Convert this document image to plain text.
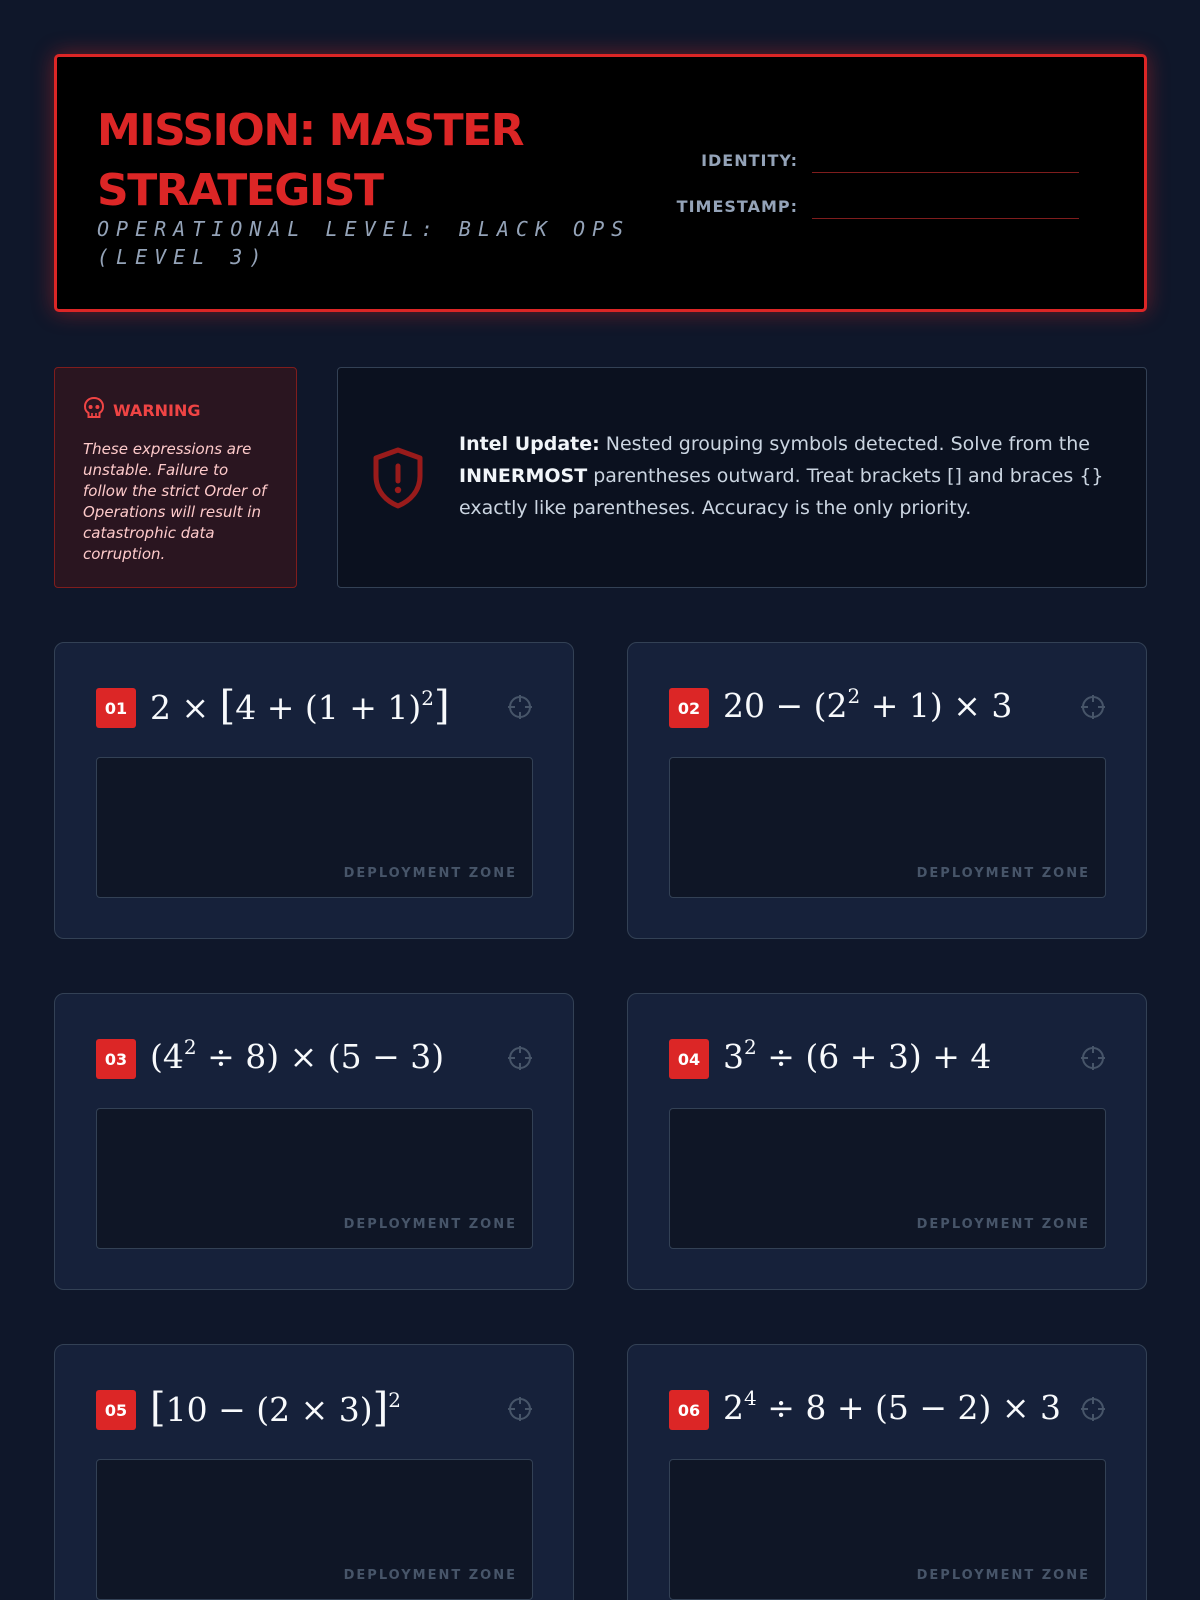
MISSION: MASTER STRATEGIST
OPERATIONAL LEVEL: BLACK OPS (LEVEL 3)
IDENTITY:
TIMESTAMP:
WARNING
These expressions are unstable. Failure to follow the strict Order of Operations will result in catastrophic data corruption.
Intel Update: Nested grouping symbols detected. Solve from the INNERMOST parentheses outward. Treat brackets [] and braces {} exactly like parentheses. Accuracy is the only priority.
01 $2 \times [4 + (1 + 1)^2]$
DEPLOYMENT ZONE
02 $20 - (2^2 + 1) \times 3$
DEPLOYMENT ZONE
03 $(4^2 \div 8) \times (5 - 3)$
DEPLOYMENT ZONE
04 $3^2 \div (6 + 3) + 4$
DEPLOYMENT ZONE
05 $[10 - (2 \times 3)]^2$
DEPLOYMENT ZONE
06 $2^4 \div 8 + (5 - 2) \times 3$
DEPLOYMENT ZONE
